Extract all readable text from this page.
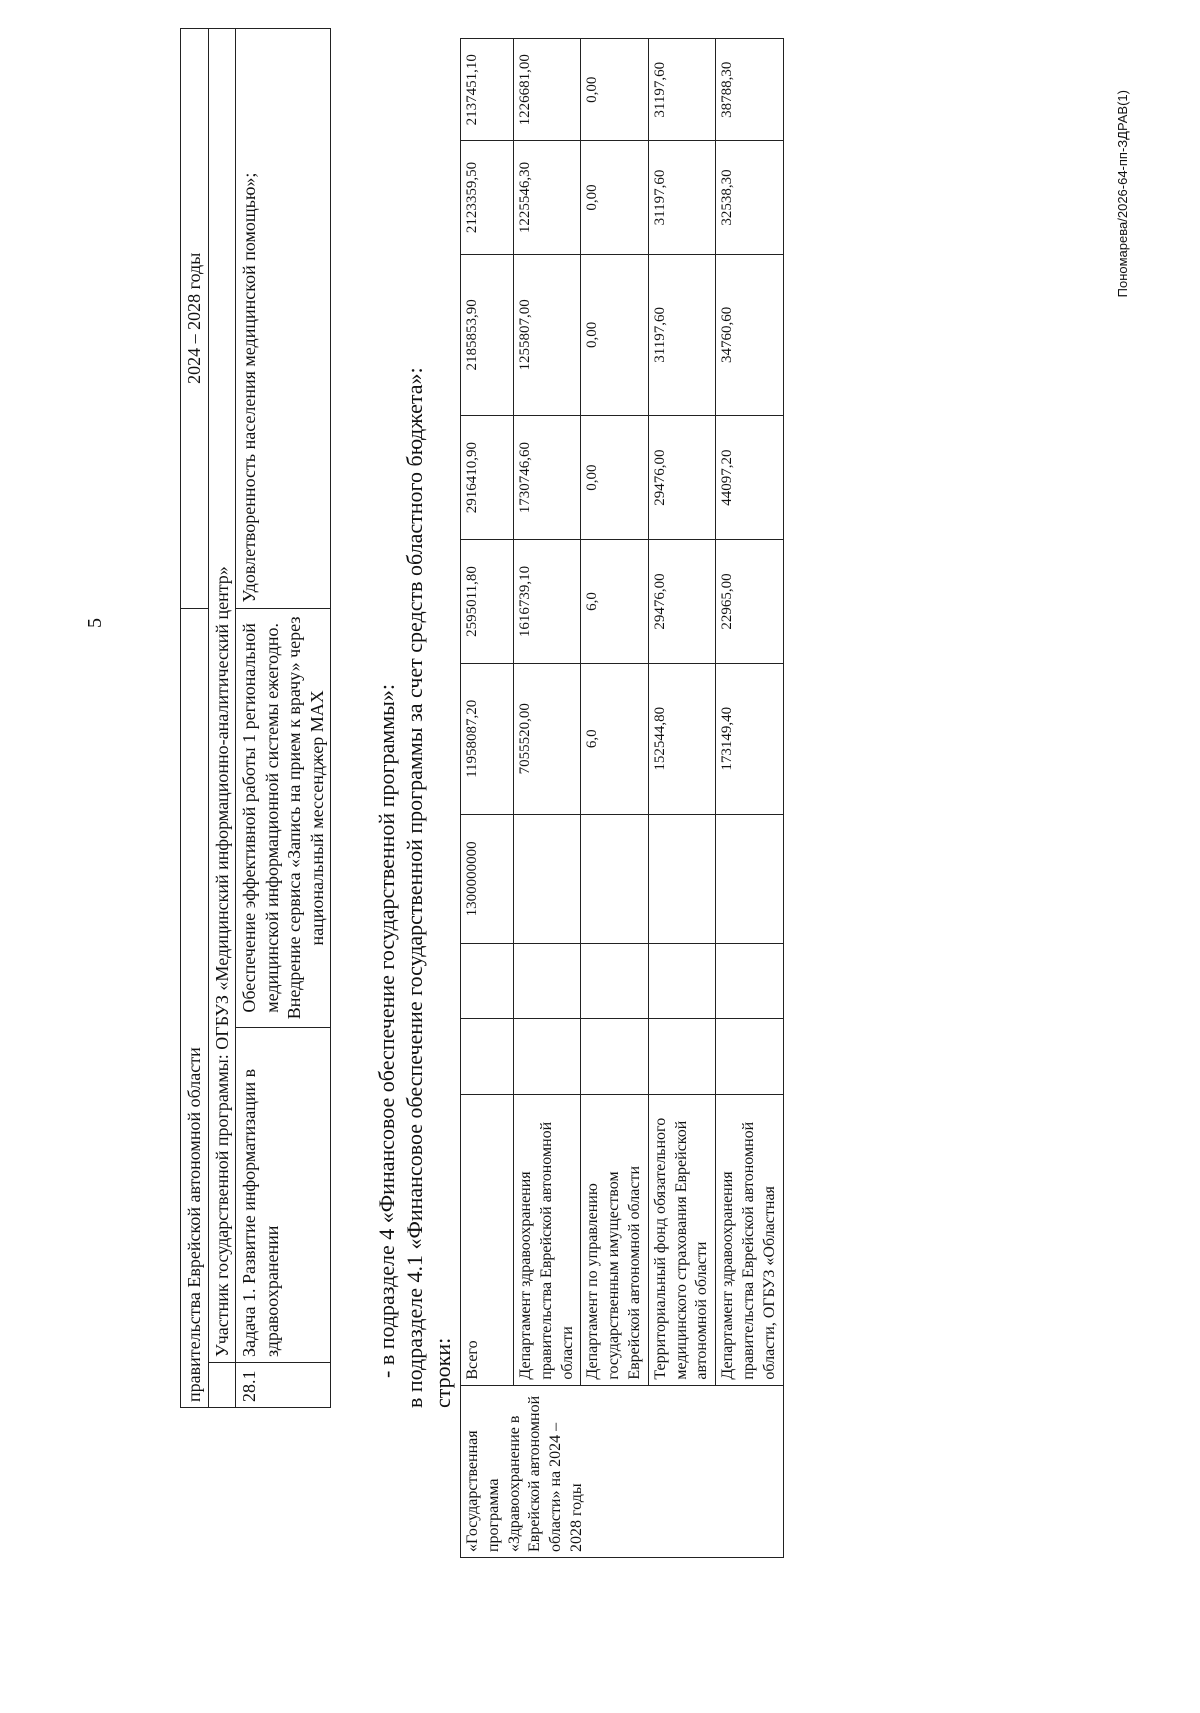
5
правительства Еврейской автономной области			2024 – 2028 годы
	Участник государственной программы: ОГБУЗ «Медицинский информационно-аналитический центр»		
28.1	Задача 1. Развитие информатизации в здравоохранении	Обеспечение эффективной работы 1 региональной медицинской информационной системы ежегодно. Внедрение сервиса «Запись на прием к врачу» через национальный мессенджер MAX	Удовлетворенность населения медицинской помощью»;
- в подразделе 4 «Финансовое обеспечение государственной программы»: в подразделе 4.1 «Финансовое обеспечение государственной программы за счет средств областного бюджета»: строки:
«Государственная программа «Здравоохранение в Еврейской автономной области» на 2024 – 2028 годы	Всего			1300000000	11958087,20	2595011,80	2916410,90	2185853,90	2123359,50	2137451,10
	Департамент здравоохранения правительства Еврейской автономной области				7055520,00	1616739,10	1730746,60	1255807,00	1225546,30	1226681,00
	Департамент по управлению государственным имуществом Еврейской автономной области				6,0	6,0	0,00	0,00	0,00	0,00
	Территориальный фонд обязательного медицинского страхования Еврейской автономной области				152544,80	29476,00	29476,00	31197,60	31197,60	31197,60
	Департамент здравоохранения правительства Еврейской автономной области, ОГБУЗ «Областная				173149,40	22965,00	44097,20	34760,60	32538,30	38788,30
Пономарева/2026-64-пп-ЗДРАВ(1)
